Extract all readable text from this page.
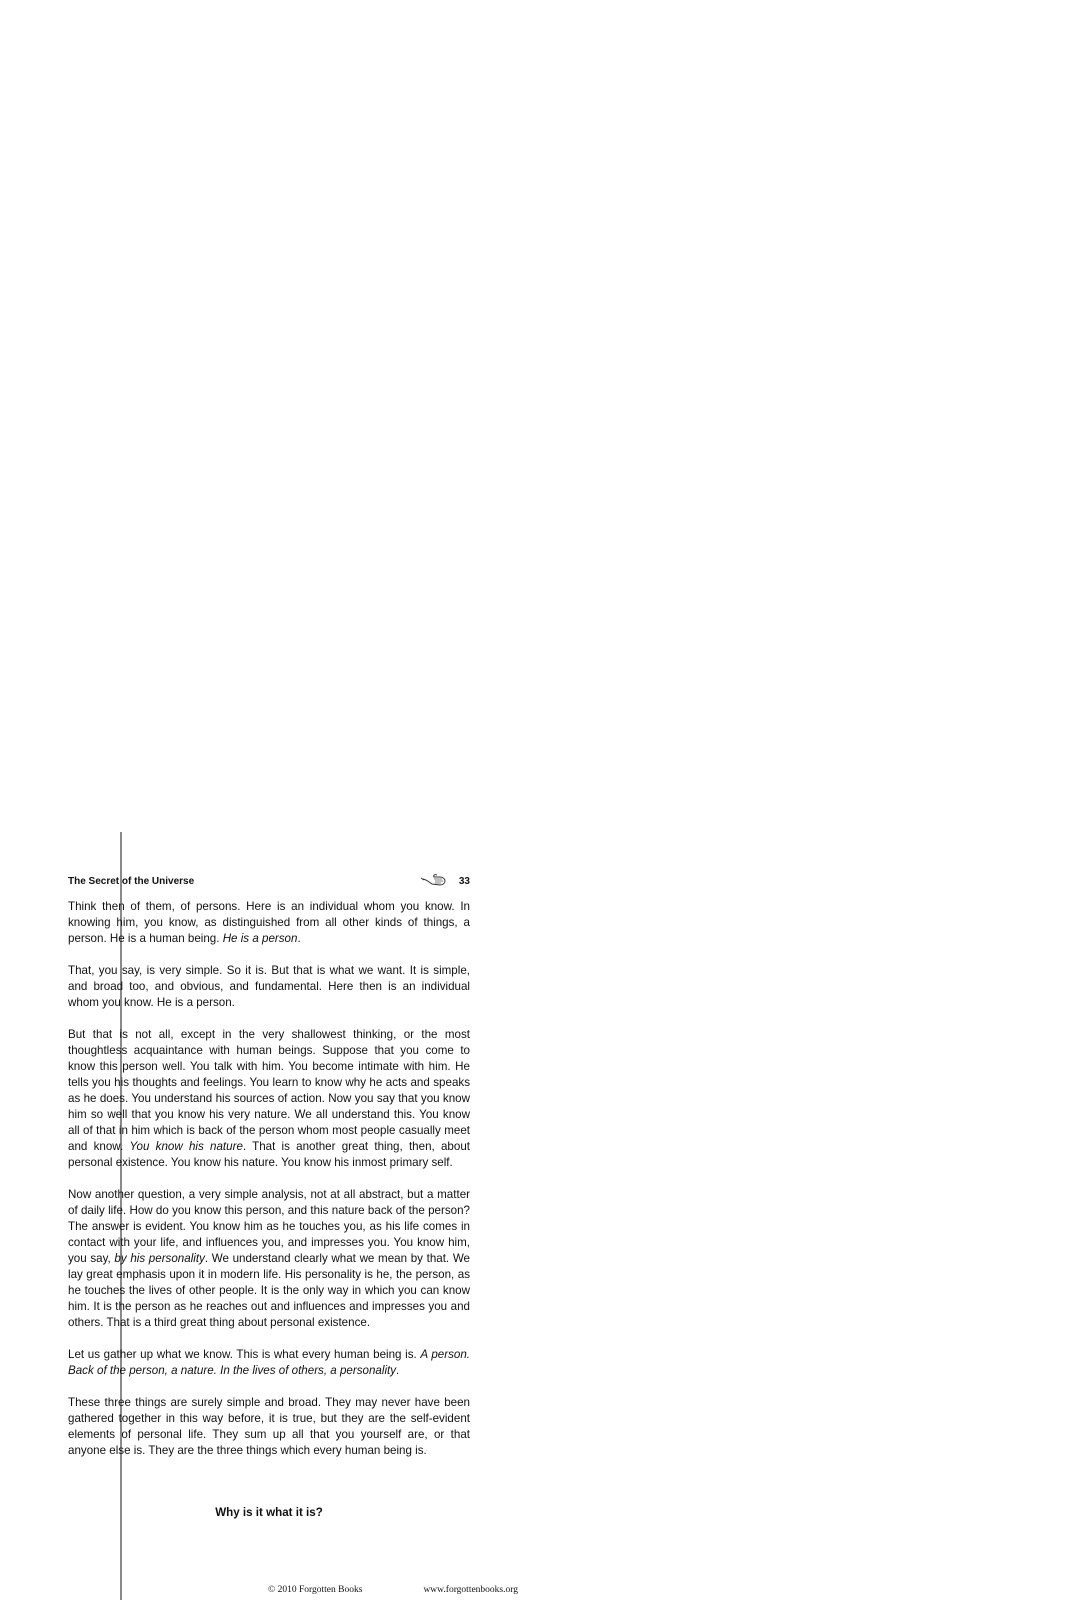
The Secret of the Universe	33

Think then of them, of persons. Here is an individual whom you know. In knowing him, you know, as distinguished from all other kinds of things, a person. He is a human being. He is a person.

That, you say, is very simple. So it is. But that is what we want. It is simple, and broad too, and obvious, and fundamental. Here then is an individual whom you know. He is a person.

But that is not all, except in the very shallowest thinking, or the most thoughtless acquaintance with human beings. Suppose that you come to know this person well. You talk with him. You become intimate with him. He tells you his thoughts and feelings. You learn to know why he acts and speaks as he does. You understand his sources of action. Now you say that you know him so well that you know his very nature. We all understand this. You know all of that in him which is back of the person whom most people casually meet and know. You know his nature. That is another great thing, then, about personal existence. You know his nature. You know his inmost primary self.

Now another question, a very simple analysis, not at all abstract, but a matter of daily life. How do you know this person, and this nature back of the person? The answer is evident. You know him as he touches you, as his life comes in contact with your life, and influences you, and impresses you. You know him, you say, by his personality. We understand clearly what we mean by that. We lay great emphasis upon it in modern life. His personality is he, the person, as he touches the lives of other people. It is the only way in which you can know him. It is the person as he reaches out and influences and impresses you and others. That is a third great thing about personal existence.

Let us gather up what we know. This is what every human being is. A person. Back of the person, a nature. In the lives of others, a personality.

These three things are surely simple and broad. They may never have been gathered together in this way before, it is true, but they are the self-evident elements of personal life. They sum up all that you yourself are, or that anyone else is. They are the three things which every human being is.

Why is it what it is?
© 2010 Forgotten Books	www.forgottenbooks.org
